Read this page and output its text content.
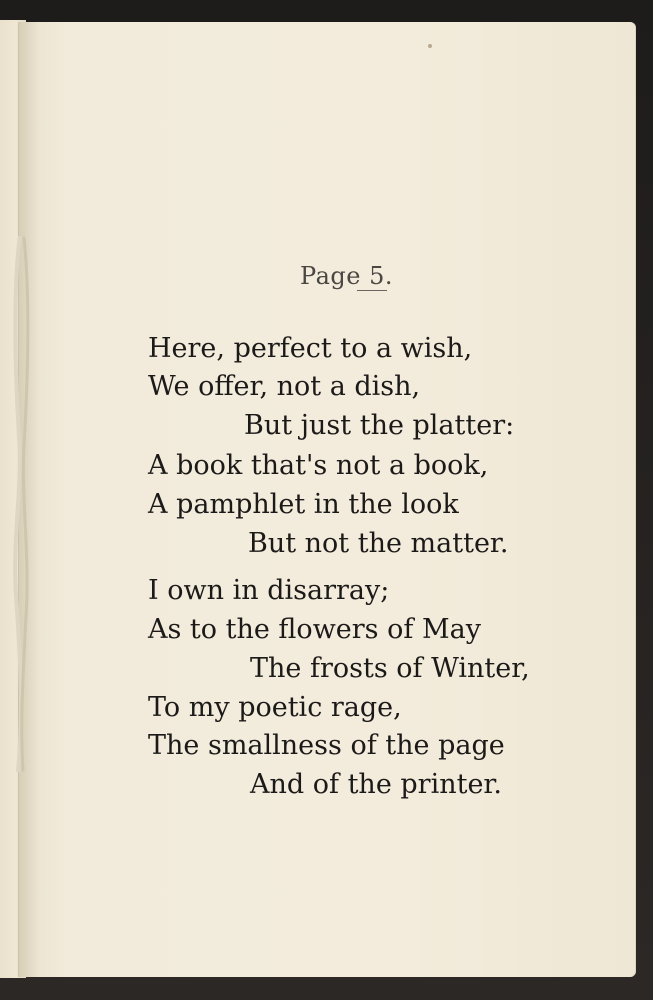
Page 5.
Here, perfect to a wish,
We offer, not a dish,
But just the platter:
A book that's not a book,
A pamphlet in the look
But not the matter.
I own in disarray;
As to the flowers of May
The frosts of Winter,
To my poetic rage,
The smallness of the page
And of the printer.
